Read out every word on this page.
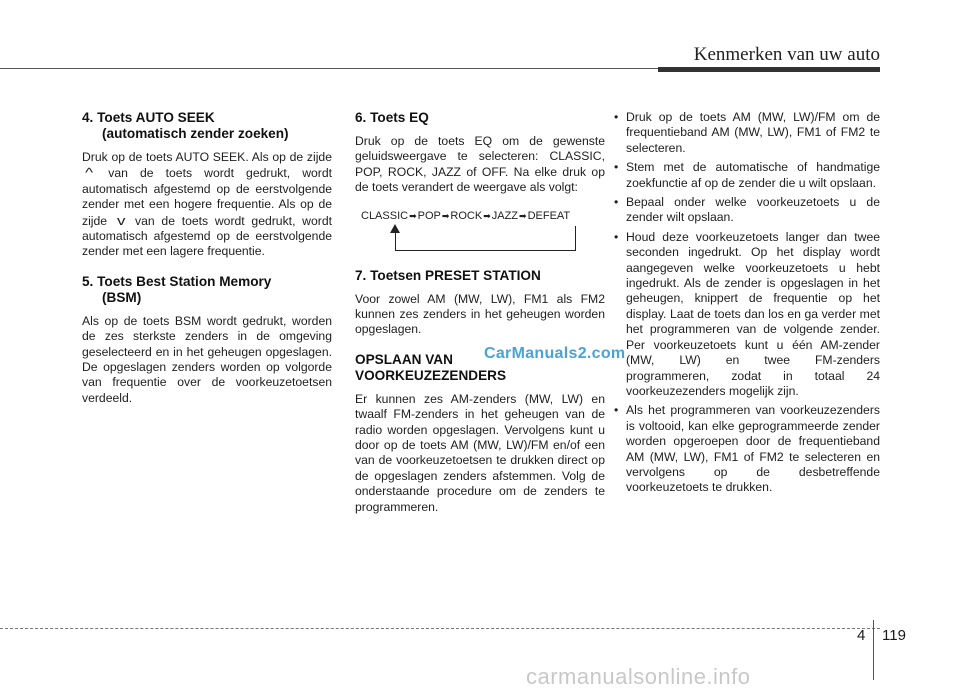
Kenmerken van uw auto
4. Toets AUTO SEEK
(automatisch zender zoeken)

Druk op de toets AUTO SEEK. Als op de zijde ^ van de toets wordt gedrukt, wordt automatisch afgestemd op de eerstvolgende zender met een hogere frequentie. Als op de zijde v van de toets wordt gedrukt, wordt automatisch afgestemd op de eerstvolgende zender met een lagere frequentie.

5. Toets Best Station Memory
(BSM)

Als op de toets BSM wordt gedrukt, worden de zes sterkste zenders in de omgeving geselecteerd en in het geheugen opgeslagen. De opgeslagen zenders worden op volgorde van frequentie over de voorkeuzetoetsen verdeeld.

6. Toets EQ

Druk op de toets EQ om de gewenste geluidsweergave te selecteren: CLASSIC, POP, ROCK, JAZZ of OFF. Na elke druk op de toets verandert de weergave als volgt:

CLASSIC➡POP➡ROCK➡JAZZ➡DEFEAT
7. Toetsen PRESET STATION

Voor zowel AM (MW, LW), FM1 als FM2 kunnen zes zenders in het geheugen worden opgeslagen.

OPSLAAN VAN
VOORKEUZEZENDERS

Er kunnen zes AM-zenders (MW, LW) en twaalf FM-zenders in het geheugen van de radio worden opgeslagen. Vervolgens kunt u door op de toets AM (MW, LW)/FM en/of een van de voorkeuzetoetsen te drukken direct op de opgeslagen zenders afstemmen. Volg de onderstaande procedure om de zenders te programmeren.

• Druk op de toets AM (MW, LW)/FM om de frequentieband AM (MW, LW), FM1 of FM2 te selecteren.
• Stem met de automatische of handmatige zoekfunctie af op de zender die u wilt opslaan.
• Bepaal onder welke voorkeuzetoets u de zender wilt opslaan.
• Houd deze voorkeuzetoets langer dan twee seconden ingedrukt. Op het display wordt aangegeven welke voorkeuzetoets u hebt ingedrukt. Als de zender is opgeslagen in het geheugen, knippert de frequentie op het display. Laat de toets dan los en ga verder met het programmeren van de volgende zender. Per voorkeuzetoets kunt u één AM-zender (MW, LW) en twee FM-zenders programmeren, zodat in totaal 24 voorkeuzezenders mogelijk zijn.
• Als het programmeren van voorkeuzezenders is voltooid, kan elke geprogrammeerde zender worden opgeroepen door de frequentieband AM (MW, LW), FM1 of FM2 te selecteren en vervolgens op de desbetreffende voorkeuzetoets te drukken.
CarManuals2.com
4 119
carmanualsonline.info
